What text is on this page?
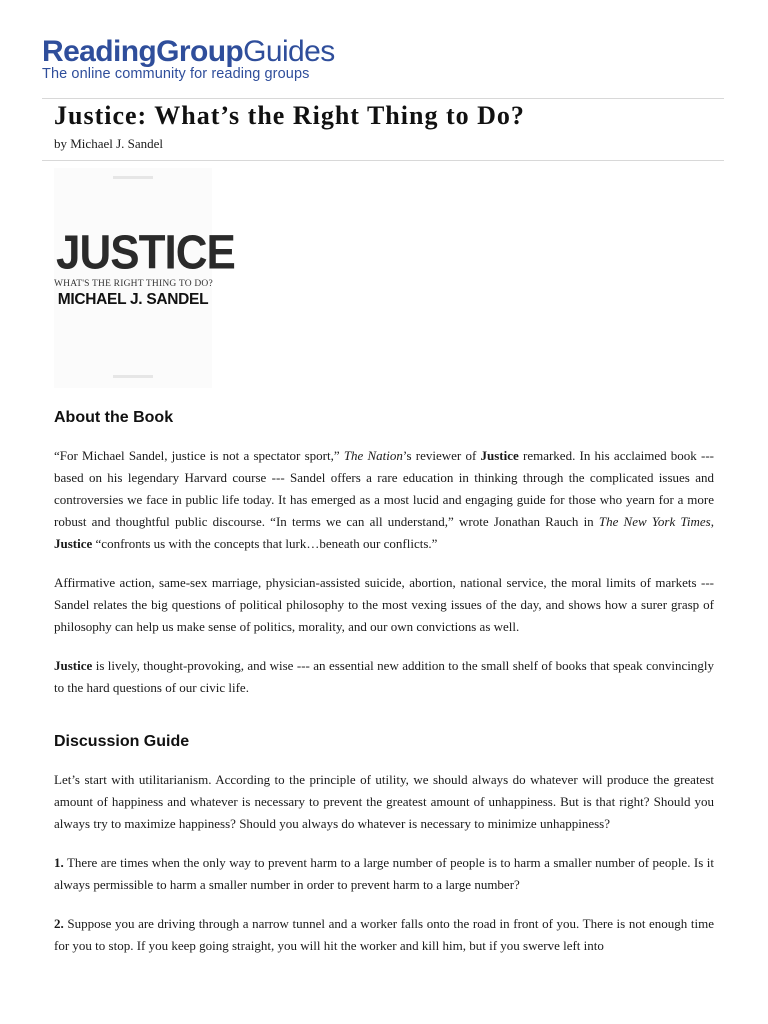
ReadingGroupGuides
The online community for reading groups
Justice: What’s the Right Thing to Do?
by Michael J. Sandel
JUSTICE
WHAT'S THE RIGHT THING TO DO?
MICHAEL J. SANDEL
About the Book

“For Michael Sandel, justice is not a spectator sport,” The Nation’s reviewer of Justice remarked. In his acclaimed book --- based on his legendary Harvard course --- Sandel offers a rare education in thinking through the complicated issues and controversies we face in public life today. It has emerged as a most lucid and engaging guide for those who yearn for a more robust and thoughtful public discourse. “In terms we can all understand,” wrote Jonathan Rauch in The New York Times, Justice “confronts us with the concepts that lurk…beneath our conflicts.”

Affirmative action, same-sex marriage, physician-assisted suicide, abortion, national service, the moral limits of markets --- Sandel relates the big questions of political philosophy to the most vexing issues of the day, and shows how a surer grasp of philosophy can help us make sense of politics, morality, and our own convictions as well.

Justice is lively, thought-provoking, and wise --- an essential new addition to the small shelf of books that speak convincingly to the hard questions of our civic life.

Discussion Guide

Let’s start with utilitarianism. According to the principle of utility, we should always do whatever will produce the greatest amount of happiness and whatever is necessary to prevent the greatest amount of unhappiness. But is that right? Should you always try to maximize happiness? Should you always do whatever is necessary to minimize unhappiness?

1. There are times when the only way to prevent harm to a large number of people is to harm a smaller number of people. Is it always permissible to harm a smaller number in order to prevent harm to a large number?

2. Suppose you are driving through a narrow tunnel and a worker falls onto the road in front of you. There is not enough time for you to stop. If you keep going straight, you will hit the worker and kill him, but if you swerve left into
